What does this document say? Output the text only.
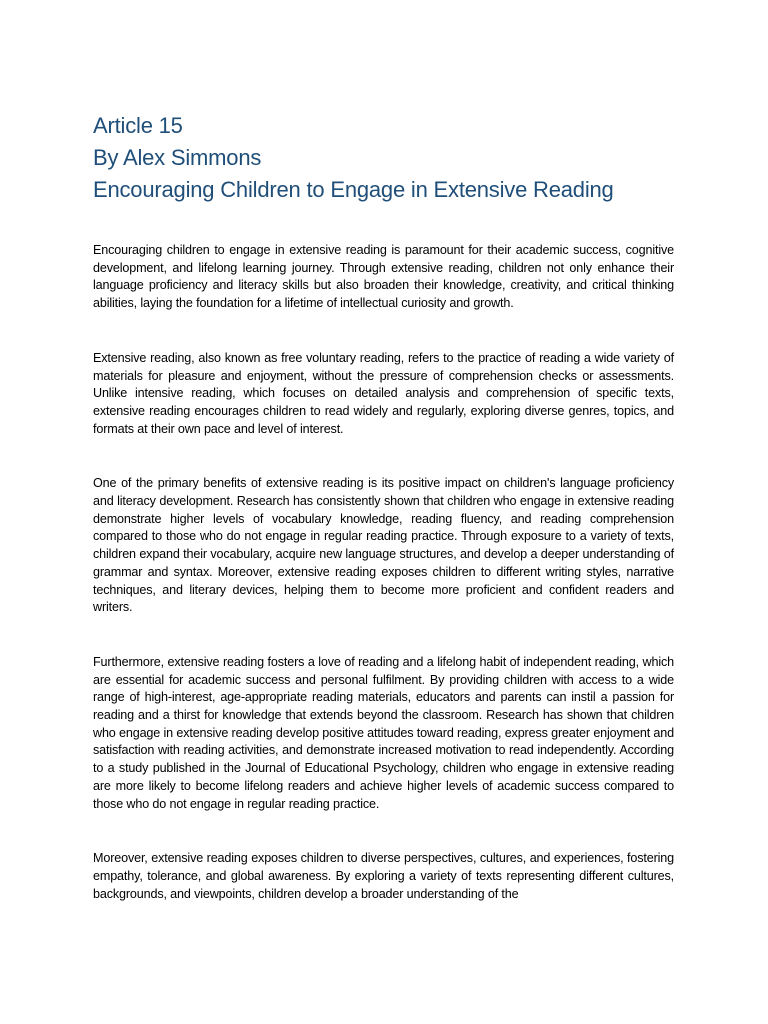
Article 15
By Alex Simmons
Encouraging Children to Engage in Extensive Reading

Encouraging children to engage in extensive reading is paramount for their academic success, cognitive development, and lifelong learning journey. Through extensive reading, children not only enhance their language proficiency and literacy skills but also broaden their knowledge, creativity, and critical thinking abilities, laying the foundation for a lifetime of intellectual curiosity and growth.

Extensive reading, also known as free voluntary reading, refers to the practice of reading a wide variety of materials for pleasure and enjoyment, without the pressure of comprehension checks or assessments. Unlike intensive reading, which focuses on detailed analysis and comprehension of specific texts, extensive reading encourages children to read widely and regularly, exploring diverse genres, topics, and formats at their own pace and level of interest.

One of the primary benefits of extensive reading is its positive impact on children's language proficiency and literacy development. Research has consistently shown that children who engage in extensive reading demonstrate higher levels of vocabulary knowledge, reading fluency, and reading comprehension compared to those who do not engage in regular reading practice. Through exposure to a variety of texts, children expand their vocabulary, acquire new language structures, and develop a deeper understanding of grammar and syntax. Moreover, extensive reading exposes children to different writing styles, narrative techniques, and literary devices, helping them to become more proficient and confident readers and writers.

Furthermore, extensive reading fosters a love of reading and a lifelong habit of independent reading, which are essential for academic success and personal fulfilment. By providing children with access to a wide range of high-interest, age-appropriate reading materials, educators and parents can instil a passion for reading and a thirst for knowledge that extends beyond the classroom. Research has shown that children who engage in extensive reading develop positive attitudes toward reading, express greater enjoyment and satisfaction with reading activities, and demonstrate increased motivation to read independently. According to a study published in the Journal of Educational Psychology, children who engage in extensive reading are more likely to become lifelong readers and achieve higher levels of academic success compared to those who do not engage in regular reading practice.

Moreover, extensive reading exposes children to diverse perspectives, cultures, and experiences, fostering empathy, tolerance, and global awareness. By exploring a variety of texts representing different cultures, backgrounds, and viewpoints, children develop a broader understanding of the
